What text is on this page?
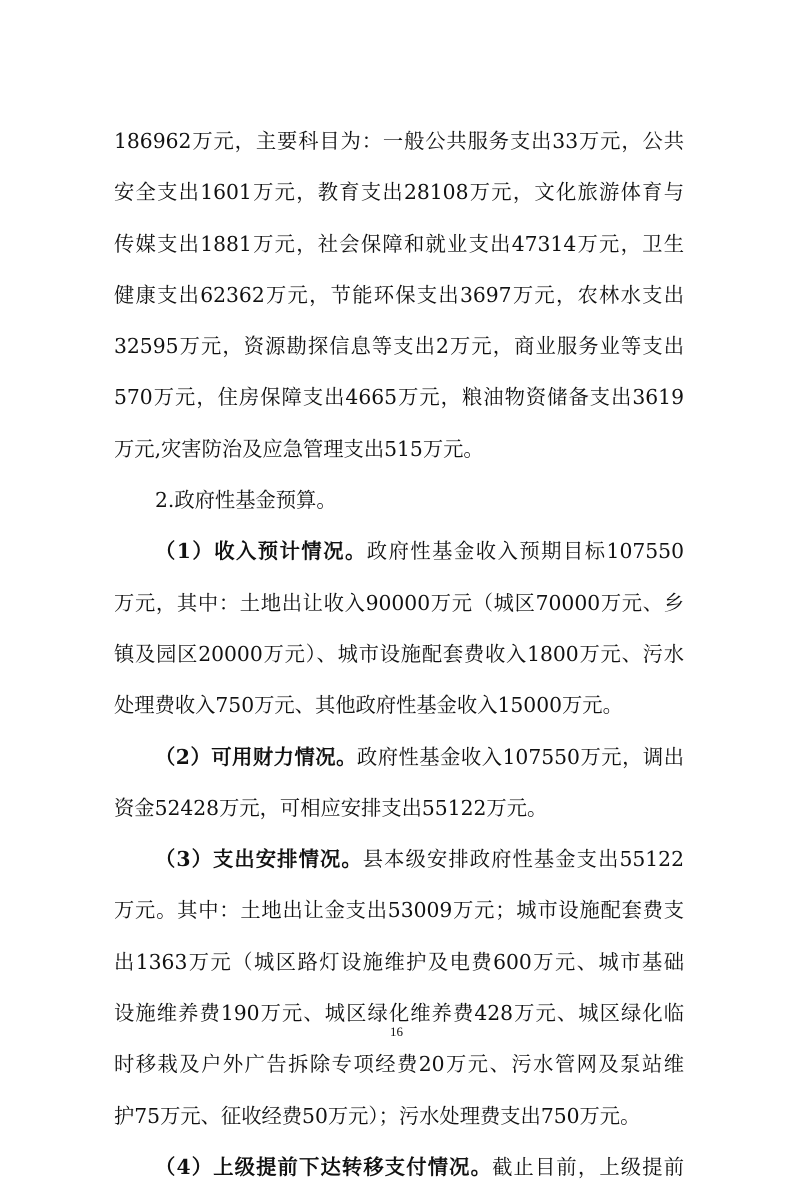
186962万元，主要科目为：一般公共服务支出33万元，公共
安全支出1601万元，教育支出28108万元，文化旅游体育与
传媒支出1881万元，社会保障和就业支出47314万元，卫生
健康支出62362万元，节能环保支出3697万元，农林水支出
32595万元，资源勘探信息等支出2万元，商业服务业等支出
570万元，住房保障支出4665万元，粮油物资储备支出3619
万元,灾害防治及应急管理支出515万元。
2.政府性基金预算。
（1）收入预计情况。政府性基金收入预期目标107550
万元，其中：土地出让收入90000万元（城区70000万元、乡
镇及园区20000万元）、城市设施配套费收入1800万元、污水
处理费收入750万元、其他政府性基金收入15000万元。
（2）可用财力情况。政府性基金收入107550万元，调出
资金52428万元，可相应安排支出55122万元。
（3）支出安排情况。县本级安排政府性基金支出55122
万元。其中：土地出让金支出53009万元；城市设施配套费支
出1363万元（城区路灯设施维护及电费600万元、城市基础
设施维养费190万元、城区绿化维养费428万元、城区绿化临
时移栽及户外广告拆除专项经费20万元、污水管网及泵站维
护75万元、征收经费50万元）；污水处理费支出750万元。
（4）上级提前下达转移支付情况。截止目前，上级提前
16
